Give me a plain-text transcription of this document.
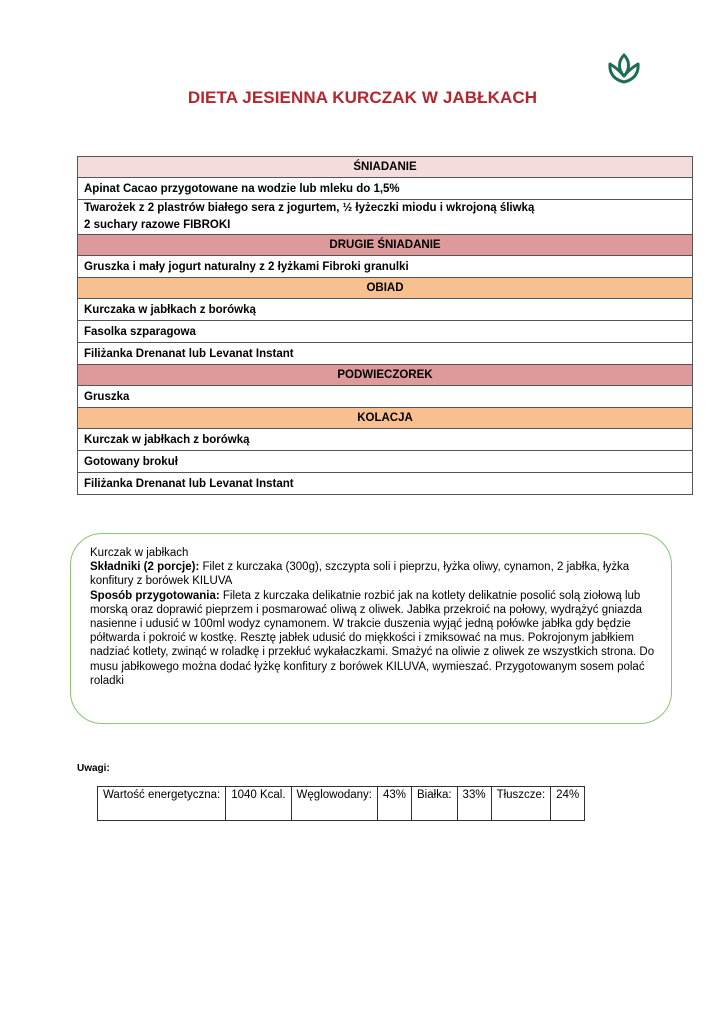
DIETA JESIENNA KURCZAK W JABŁKACH
ŚNIADANIE
Apinat Cacao przygotowane na wodzie lub mleku do 1,5%

Twarożek z 2 plastrów białego sera z jogurtem, ½ łyżeczki miodu i wkrojoną śliwką
2 suchary razowe FIBROKI

DRUGIE ŚNIADANIE
Gruszka i mały jogurt naturalny z 2 łyżkami Fibroki granulki
OBIAD
Kurczaka w jabłkach z borówką
Fasolka szparagowa
Filiżanka Drenanat lub Levanat Instant
PODWIECZOREK
Gruszka
KOLACJA
Kurczak w jabłkach z borówką
Gotowany brokuł
Filiżanka Drenanat lub Levanat Instant

Kurczak w jabłkach

Składniki (2 porcje): Filet z kurczaka (300g), szczypta soli i pieprzu, łyżka oliwy, cynamon, 2 jabłka, łyżka konfitury z borówek KILUVA

Sposób przygotowania: Fileta z kurczaka delikatnie rozbić jak na kotlety delikatnie posolić solą ziołową lub morską oraz doprawić pieprzem i posmarować oliwą z oliwek. Jabłka przekroić na połowy, wydrążyć gniazda nasienne i udusić w 100ml wodyz cynamonem. W trakcie duszenia wyjąć jedną połówke jabłka gdy będzie półtwarda i pokroić w kostkę. Resztę jabłek udusić do miękkości i zmiksować na mus. Pokrojonym jabłkiem nadziać kotlety, zwinąć w roladkę i przekłuć wykałaczkami. Smażyć na oliwie z oliwek ze wszystkich strona. Do musu jabłkowego można dodać łyżkę konfitury z borówek KILUVA, wymieszać. Przygotowanym sosem polać roladki

Uwagi:
Wartość energetyczna:	1040 Kcal.	Węglowodany:	43%	Białka:	33%	Tłuszcze:	24%
